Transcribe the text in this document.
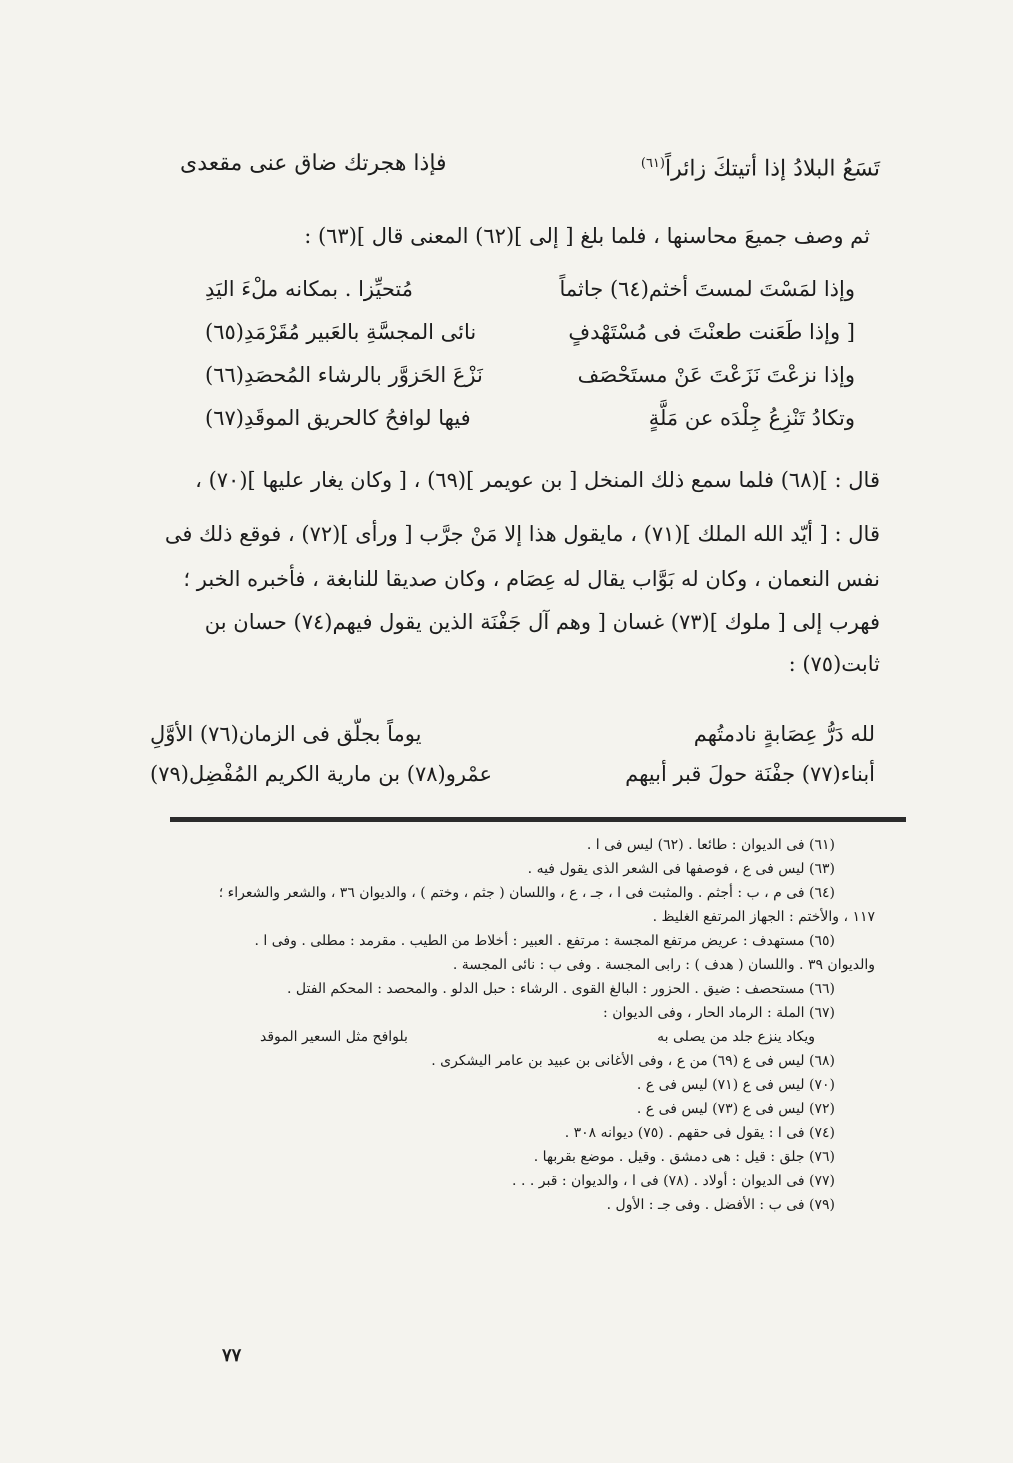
تَسَعُ البلادُ إذا أتيتكَ زائراً$^{(٦١)}$
فإذا هجرتك ضاق عنى مقعدى
ثم وصف جميعَ محاسنها ، فلما بلغ [ إلى ](٦٢) المعنى قال ](٦٣) :
وإذا لمَسْتَ لمستَ أخثم(٦٤) جاثماً
مُتحيِّزا . بمكانه ملْءَ اليَدِ
[ وإذا طَعَنت طعنْتَ فى مُسْتَهْدفٍ
نائى المجسَّةِ بالعَبير مُقَرْمَدِ(٦٥)
وإذا نزعْتَ نَزَعْتَ عَنْ مستَحْصَف
نَزْعَ الحَزوَّر بالرشاء المُحصَدِ(٦٦)
وتكادُ تَنْزِعُ جِلْدَه عن مَلَّةٍ
فيها لوافحُ كالحريق الموقَدِ(٦٧)
قال : ](٦٨) فلما سمع ذلك المنخل [ بن عويمر ](٦٩) ، [ وكان يغار عليها ](٧٠) ،
قال : [ أيّد الله الملك ](٧١) ، مايقول هذا إلا مَنْ جرَّب [ ورأى ](٧٢) ، فوقع ذلك فى
نفس النعمان ، وكان له بَوَّاب يقال له عِصَام ، وكان صديقا للنابغة ، فأخبره الخبر ؛
فهرب إلى [ ملوك ](٧٣) غسان [ وهم آل جَفْنَة الذين يقول فيهم(٧٤) حسان بن
ثابت(٧٥) :
لله دَرُّ عِصَابةٍ نادمتُهم
يوماً بجلّق فى الزمان(٧٦) الأوَّلِ
أبناء(٧٧) جفْنَة حولَ قبر أبيهم
عمْرو(٧٨) بن مارية الكريم المُفْضِل(٧٩)
(٦١) فى الديوان : طائعا . (٦٢) ليس فى ا .
(٦٣) ليس فى ع ، فوصفها فى الشعر الذى يقول فيه .
(٦٤) فى م ، ب : أجثم . والمثبت فى ا ، جـ ، ع ، واللسان ( جثم ، وختم ) ، والديوان ٣٦ ، والشعر والشعراء ؛
١١٧ ، والأختم : الجهاز المرتفع الغليظ .
(٦٥) مستهدف : عريض مرتفع المجسة : مرتفع . العبير : أخلاط من الطيب . مقرمد : مطلى . وفى ا .
والديوان ٣٩ . واللسان ( هدف ) : رابى المجسة . وفى ب : نائى المجسة .
(٦٦) مستحصف : ضيق . الحزور : البالغ القوى . الرشاء : حبل الدلو . والمحصد : المحكم الفتل .
(٦٧) الملة : الرماد الحار ، وفى الديوان :
ويكاد ينزع جلد من يصلى به
بلوافح مثل السعير الموقد
(٦٨) ليس فى ع (٦٩) من ع ، وفى الأغانى بن عبيد بن عامر اليشكرى .
(٧٠) ليس فى ع (٧١) ليس فى ع .
(٧٢) ليس فى ع (٧٣) ليس فى ع .
(٧٤) فى ا : يقول فى حقهم . (٧٥) ديوانه ٣٠٨ .
(٧٦) جلق : قيل : هى دمشق . وقيل . موضع بقربها .
(٧٧) فى الديوان : أولاد . (٧٨) فى ا ، والديوان : قبر . . .
(٧٩) فى ب : الأفضل . وفى جـ : الأول .
٧٧
